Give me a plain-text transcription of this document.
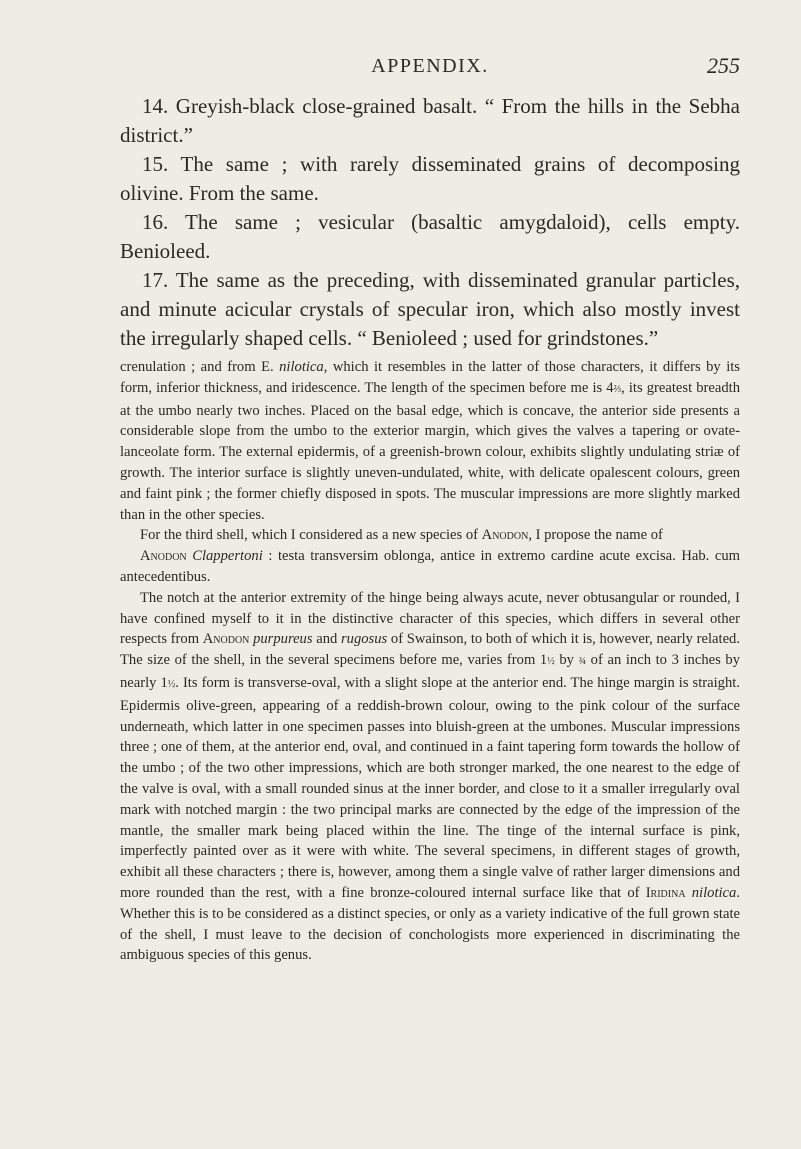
APPENDIX.	255

14. Greyish-black close-grained basalt. “ From the hills in the Sebha district.”

15. The same ; with rarely disseminated grains of decomposing olivine. From the same.

16. The same ; vesicular (basaltic amygdaloid), cells empty. Benioleed.

17. The same as the preceding, with disseminated granular particles, and minute acicular crystals of specular iron, which also mostly invest the irregularly shaped cells. “ Benioleed ; used for grindstones.”

crenulation ; and from E. nilotica, which it resembles in the latter of those characters, it differs by its form, inferior thickness, and iridescence. The length of the specimen before me is 4⅔, its greatest breadth at the umbo nearly two inches. Placed on the basal edge, which is concave, the anterior side presents a considerable slope from the umbo to the exterior margin, which gives the valves a tapering or ovate-lanceolate form. The external epidermis, of a greenish-brown colour, exhibits slightly undulating striæ of growth. The interior surface is slightly uneven-undulated, white, with delicate opalescent colours, green and faint pink ; the former chiefly disposed in spots. The muscular impressions are more slightly marked than in the other species.

For the third shell, which I considered as a new species of Anodon, I propose the name of

Anodon Clappertoni : testa transversim oblonga, antice in extremo cardine acute excisa. Hab. cum antecedentibus.

The notch at the anterior extremity of the hinge being always acute, never obtusangular or rounded, I have confined myself to it in the distinctive character of this species, which differs in several other respects from Anodon purpureus and rugosus of Swainson, to both of which it is, however, nearly related. The size of the shell, in the several specimens before me, varies from 1½ by ¾ of an inch to 3 inches by nearly 1½. Its form is transverse-oval, with a slight slope at the anterior end. The hinge margin is straight. Epidermis olive-green, appearing of a reddish-brown colour, owing to the pink colour of the surface underneath, which latter in one specimen passes into bluish-green at the umbones. Muscular impressions three ; one of them, at the anterior end, oval, and continued in a faint tapering form towards the hollow of the umbo ; of the two other impressions, which are both stronger marked, the one nearest to the edge of the valve is oval, with a small rounded sinus at the inner border, and close to it a smaller irregularly oval mark with notched margin : the two principal marks are connected by the edge of the impression of the mantle, the smaller mark being placed within the line. The tinge of the internal surface is pink, imperfectly painted over as it were with white. The several specimens, in different stages of growth, exhibit all these characters ; there is, however, among them a single valve of rather larger dimensions and more rounded than the rest, with a fine bronze-coloured internal surface like that of Iridina nilotica. Whether this is to be considered as a distinct species, or only as a variety indicative of the full grown state of the shell, I must leave to the decision of conchologists more experienced in discriminating the ambiguous species of this genus.
